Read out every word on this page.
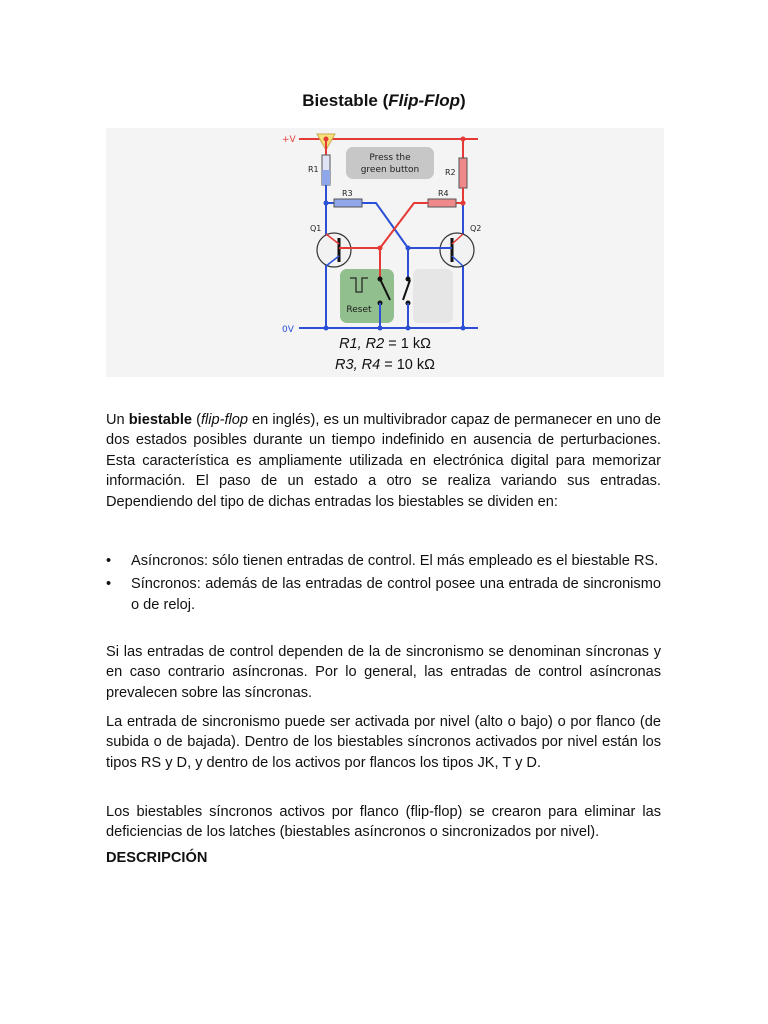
Biestable (Flip-Flop)
+V
0V
R1	R2
R3	R4
Q1	Q2
Press the
green button
Reset
R1, R2 = 1 kΩ
R3, R4 = 10 kΩ
Un biestable (flip-flop en inglés), es un multivibrador capaz de permanecer en uno de dos estados posibles durante un tiempo indefinido en ausencia de perturbaciones. Esta característica es ampliamente utilizada en electrónica digital para memorizar información. El paso de un estado a otro se realiza variando sus entradas. Dependiendo del tipo de dichas entradas los biestables se dividen en:
• Asíncronos: sólo tienen entradas de control. El más empleado es el biestable RS.
• Síncronos: además de las entradas de control posee una entrada de sincronismo o de reloj.
Si las entradas de control dependen de la de sincronismo se denominan síncronas y en caso contrario asíncronas. Por lo general, las entradas de control asíncronas prevalecen sobre las síncronas.
La entrada de sincronismo puede ser activada por nivel (alto o bajo) o por flanco (de subida o de bajada). Dentro de los biestables síncronos activados por nivel están los tipos RS y D, y dentro de los activos por flancos los tipos JK, T y D.
Los biestables síncronos activos por flanco (flip-flop) se crearon para eliminar las deficiencias de los latches (biestables asíncronos o sincronizados por nivel).
DESCRIPCIÓN
